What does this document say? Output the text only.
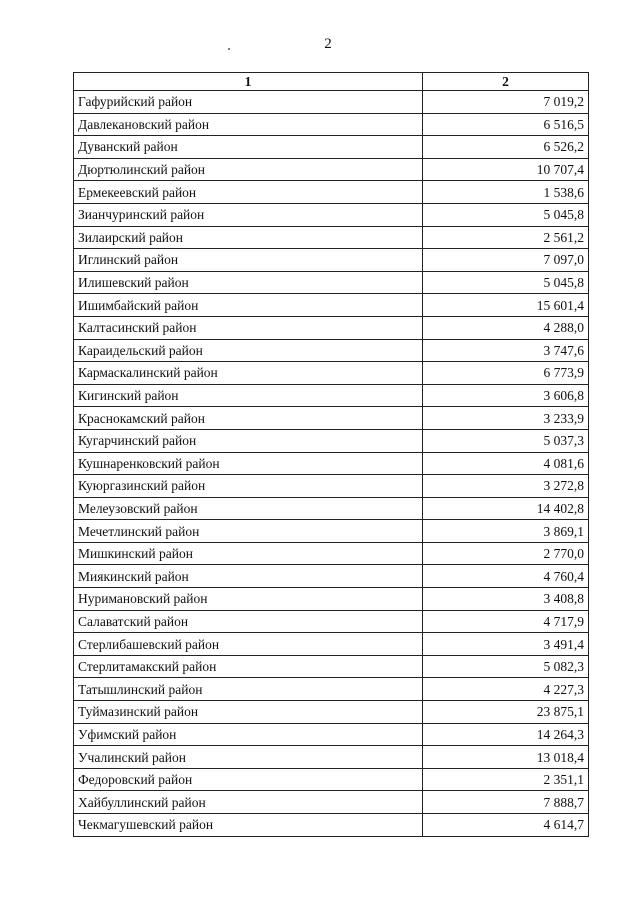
2
1	2
Гафурийский район	7 019,2
Давлекановский район	6 516,5
Дуванский район	6 526,2
Дюртюлинский район	10 707,4
Ермекеевский район	1 538,6
Зианчуринский район	5 045,8
Зилаирский район	2 561,2
Иглинский район	7 097,0
Илишевский район	5 045,8
Ишимбайский район	15 601,4
Калтасинский район	4 288,0
Караидельский район	3 747,6
Кармаскалинский район	6 773,9
Кигинский район	3 606,8
Краснокамский район	3 233,9
Кугарчинский район	5 037,3
Кушнаренковский район	4 081,6
Куюргазинский район	3 272,8
Мелеузовский район	14 402,8
Мечетлинский район	3 869,1
Мишкинский район	2 770,0
Миякинский район	4 760,4
Нуримановский район	3 408,8
Салаватский район	4 717,9
Стерлибашевский район	3 491,4
Стерлитамакский район	5 082,3
Татышлинский район	4 227,3
Туймазинский район	23 875,1
Уфимский район	14 264,3
Учалинский район	13 018,4
Федоровский район	2 351,1
Хайбуллинский район	7 888,7
Чекмагушевский район	4 614,7
